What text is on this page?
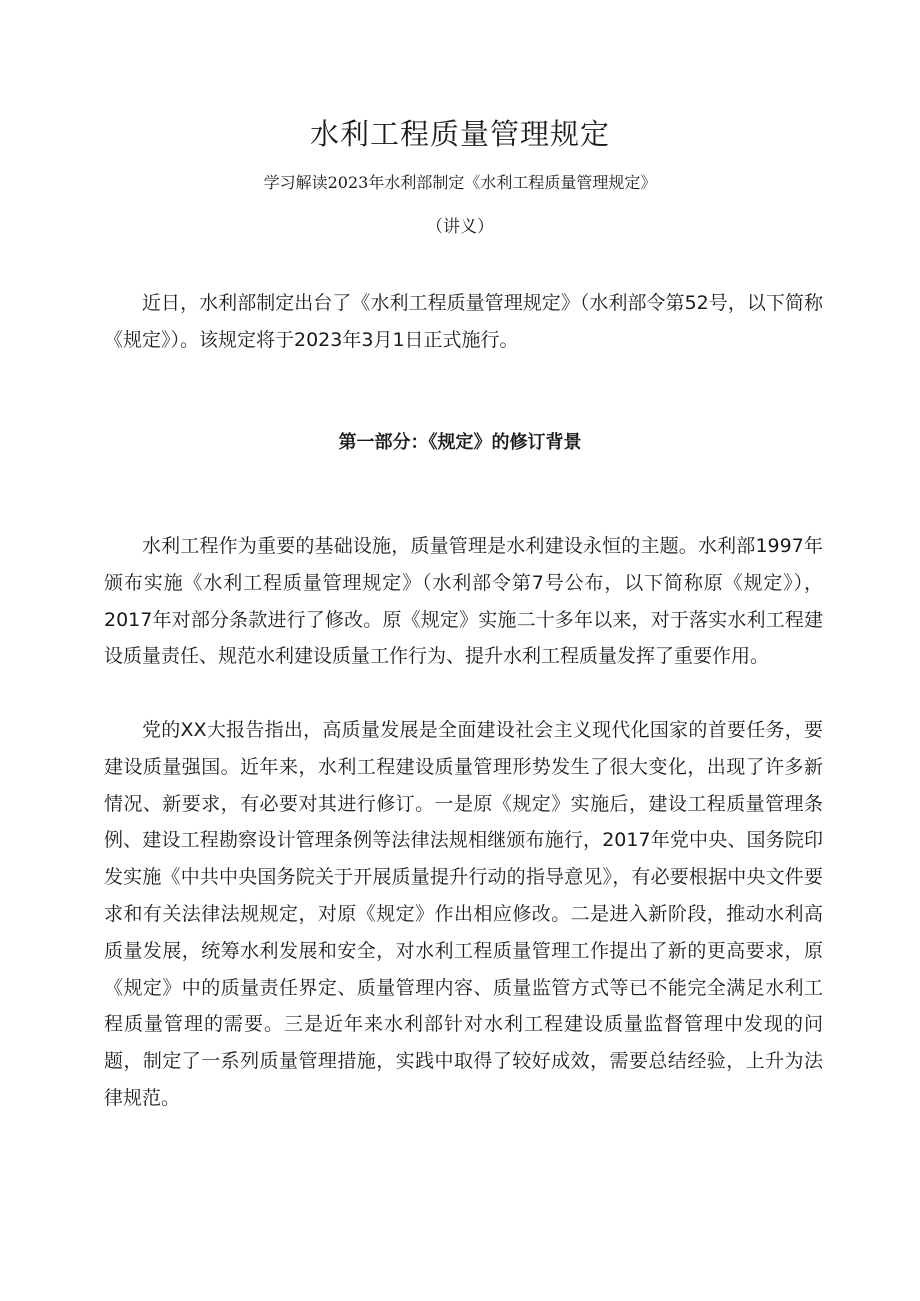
水利工程质量管理规定

学习解读2023年水利部制定《水利工程质量管理规定》

（讲义）

近日，水利部制定出台了《水利工程质量管理规定》（水利部令第52号，以下简称《规定》）。该规定将于2023年3月1日正式施行。

第一部分：《规定》的修订背景

水利工程作为重要的基础设施，质量管理是水利建设永恒的主题。水利部1997年颁布实施《水利工程质量管理规定》（水利部令第7号公布，以下简称原《规定》），2017年对部分条款进行了修改。原《规定》实施二十多年以来，对于落实水利工程建设质量责任、规范水利建设质量工作行为、提升水利工程质量发挥了重要作用。

党的XX大报告指出，高质量发展是全面建设社会主义现代化国家的首要任务，要建设质量强国。近年来，水利工程建设质量管理形势发生了很大变化，出现了许多新情况、新要求，有必要对其进行修订。一是原《规定》实施后，建设工程质量管理条例、建设工程勘察设计管理条例等法律法规相继颁布施行，2017年党中央、国务院印发实施《中共中央国务院关于开展质量提升行动的指导意见》，有必要根据中央文件要求和有关法律法规规定，对原《规定》作出相应修改。二是进入新阶段，推动水利高质量发展，统筹水利发展和安全，对水利工程质量管理工作提出了新的更高要求，原《规定》中的质量责任界定、质量管理内容、质量监管方式等已不能完全满足水利工程质量管理的需要。三是近年来水利部针对水利工程建设质量监督管理中发现的问题，制定了一系列质量管理措施，实践中取得了较好成效，需要总结经验，上升为法律规范。
